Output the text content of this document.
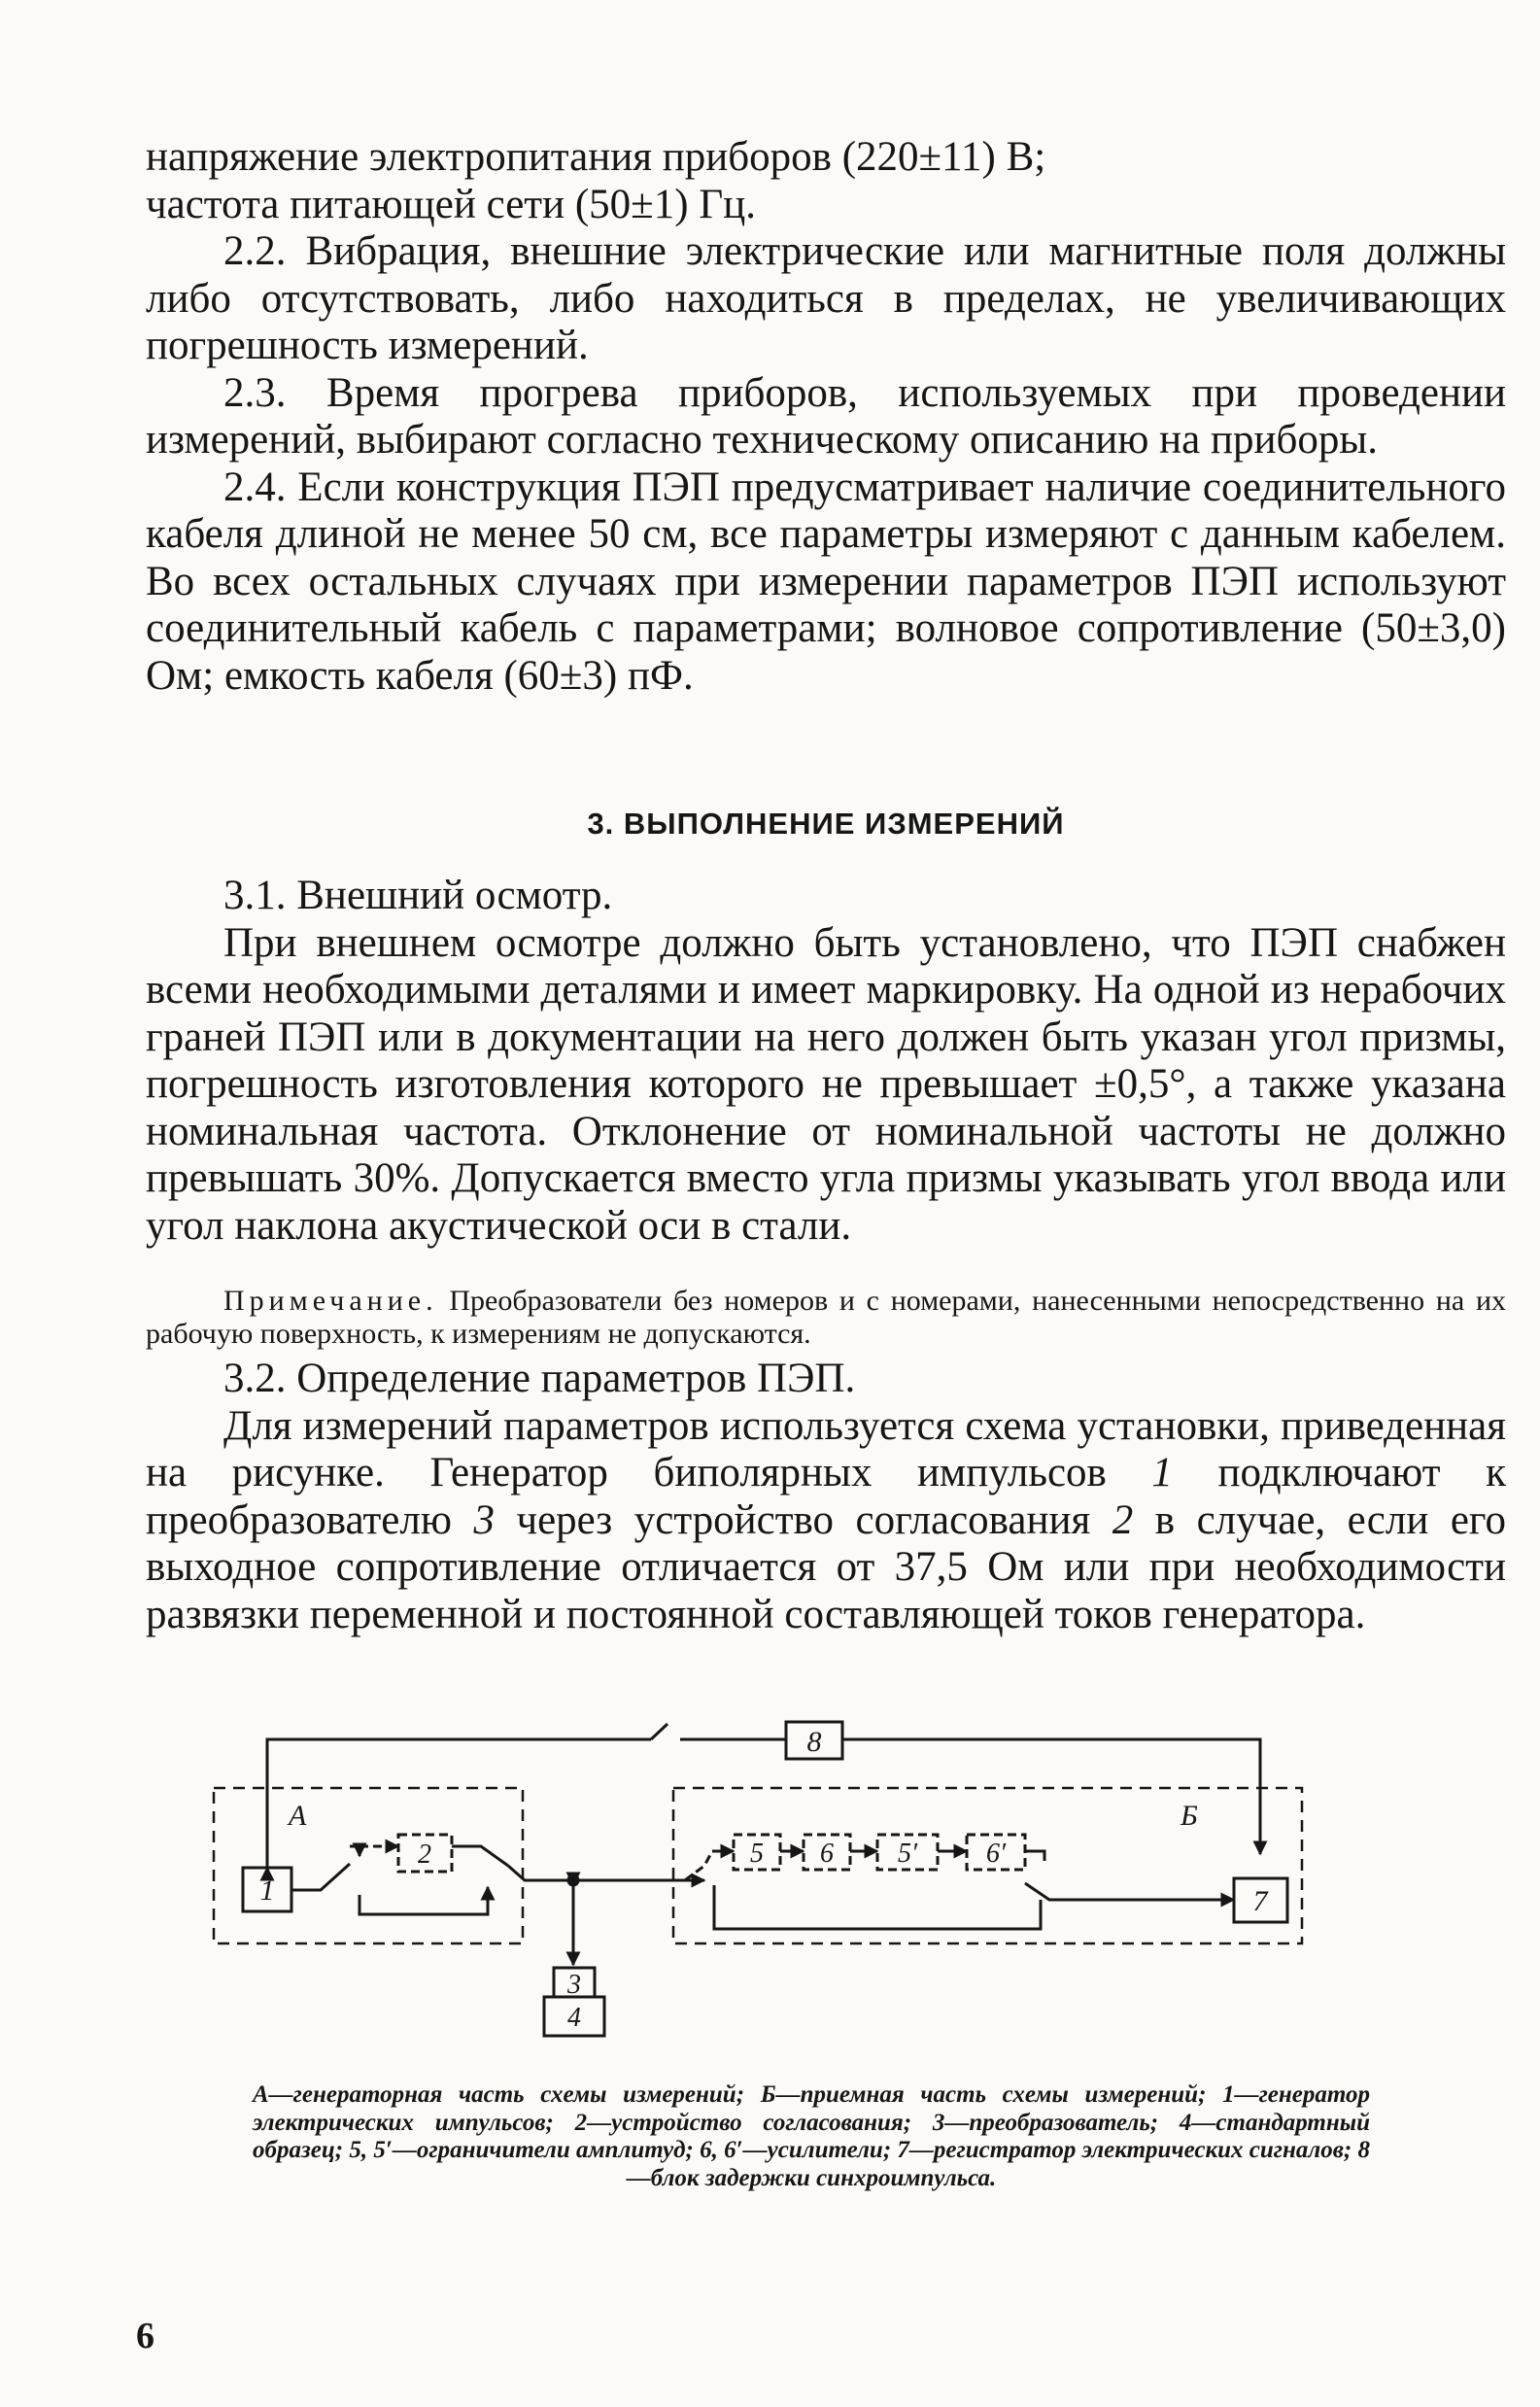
напряжение электропитания приборов (220±11) В;

частота питающей сети (50±1) Гц.

2.2. Вибрация, внешние электрические или магнитные поля должны либо отсутствовать, либо находиться в пределах, не увеличивающих погрешность измерений.

2.3. Время прогрева приборов, используемых при проведении измерений, выбирают согласно техническому описанию на приборы.

2.4. Если конструкция ПЭП предусматривает наличие соединительного кабеля длиной не менее 50 см, все параметры измеряют с данным кабелем. Во всех остальных случаях при измерении параметров ПЭП используют соединительный кабель с параметрами; волновое сопротивление (50±3,0) Ом; емкость кабеля (60±3) пФ.

3. ВЫПОЛНЕНИЕ ИЗМЕРЕНИЙ

3.1. Внешний осмотр.

При внешнем осмотре должно быть установлено, что ПЭП снабжен всеми необходимыми деталями и имеет маркировку. На одной из нерабочих граней ПЭП или в документации на него должен быть указан угол призмы, погрешность изготовления которого не превышает ±0,5°, а также указана номинальная частота. Отклонение от номинальной частоты не должно превышать 30%. Допускается вместо угла призмы указывать угол ввода или угол наклона акустической оси в стали.

Примечание. Преобразователи без номеров и с номерами, нанесенными непосредственно на их рабочую поверхность, к измерениям не допускаются.

3.2. Определение параметров ПЭП.

Для измерений параметров используется схема установки, приведенная на рисунке. Генератор биполярных импульсов 1 подключают к преобразователю 3 через устройство согласования 2 в случае, если его выходное сопротивление отличается от 37,5 Ом или при необходимости развязки переменной и постоянной составляющей токов генератора.

1
А
2
3
4
5 6 5′	6′
Б
7
8

А—генераторная часть схемы измерений; Б—приемная часть схемы измерений; 1—генератор электрических импульсов; 2—устройство согласования; 3—преобразователь; 4—стандартный образец; 5, 5′—ограничители амплитуд; 6, 6′—усилители; 7—регистратор электрических сигналов; 8—блок задержки синхроимпульса.

6
